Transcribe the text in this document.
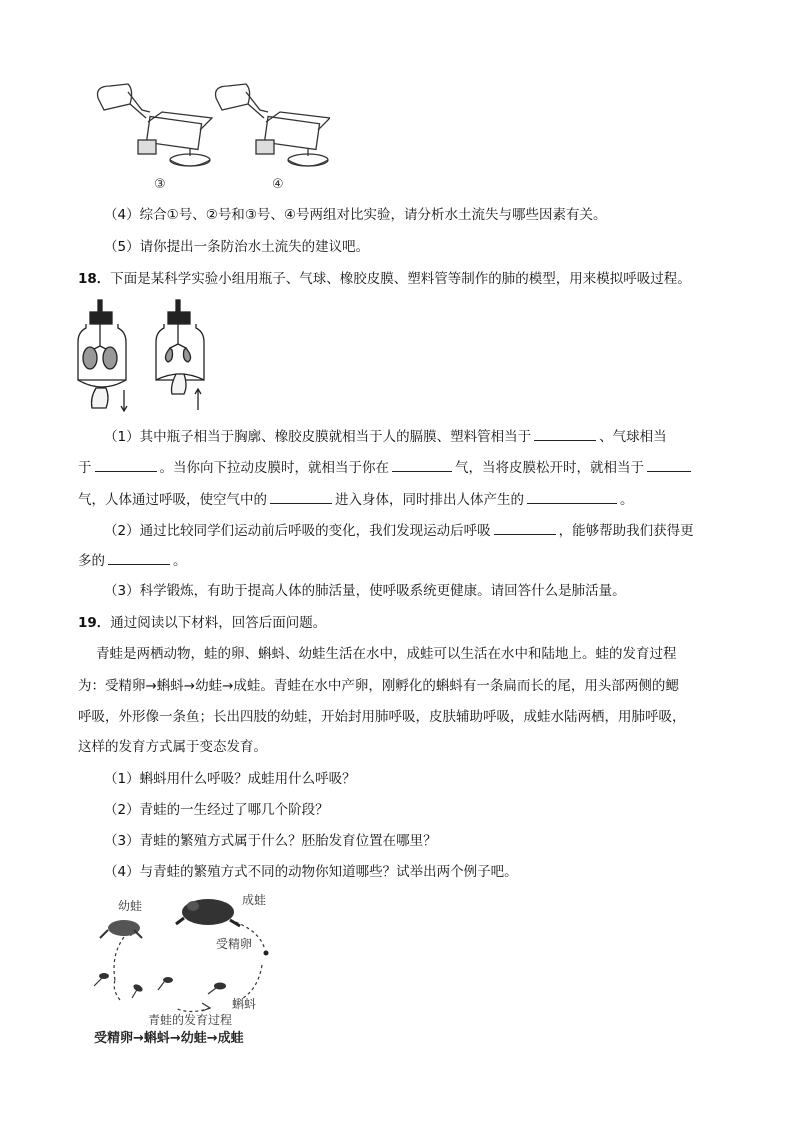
③	④
（4）综合①号、②号和③号、④号两组对比实验，请分析水土流失与哪些因素有关。
（5）请你提出一条防治水土流失的建议吧。
18．下面是某科学实验小组用瓶子、气球、橡胶皮膜、塑料管等制作的肺的模型，用来模拟呼吸过程。
（1）其中瓶子相当于胸廓、橡胶皮膜就相当于人的膈膜、塑料管相当于	、气球相当
于	。当你向下拉动皮膜时，就相当于你在	气，当将皮膜松开时，就相当于
气，人体通过呼吸，使空气中的	进入身体，同时排出人体产生的	。
（2）通过比较同学们运动前后呼吸的变化，我们发现运动后呼吸	，能够帮助我们获得更
多的	。
（3）科学锻炼，有助于提高人体的肺活量，使呼吸系统更健康。请回答什么是肺活量。
19．通过阅读以下材料，回答后面问题。
青蛙是两栖动物，蛙的卵、蝌蚪、幼蛙生活在水中，成蛙可以生活在水中和陆地上。蛙的发育过程
为：受精卵→蝌蚪→幼蛙→成蛙。青蛙在水中产卵，刚孵化的蝌蚪有一条扁而长的尾，用头部两侧的鳃
呼吸，外形像一条鱼；长出四肢的幼蛙，开始封用肺呼吸，皮肤辅助呼吸，成蛙水陆两栖，用肺呼吸，
这样的发育方式属于变态发育。
（1）蝌蚪用什么呼吸？成蛙用什么呼吸？
（2）青蛙的一生经过了哪几个阶段？
（3）青蛙的繁殖方式属于什么？胚胎发育位置在哪里？
（4）与青蛙的繁殖方式不同的动物你知道哪些？试举出两个例子吧。
幼蛙	成蛙
受精卵
蝌蚪
青蛙的发育过程
受精卵→蝌蚪→幼蛙→成蛙
